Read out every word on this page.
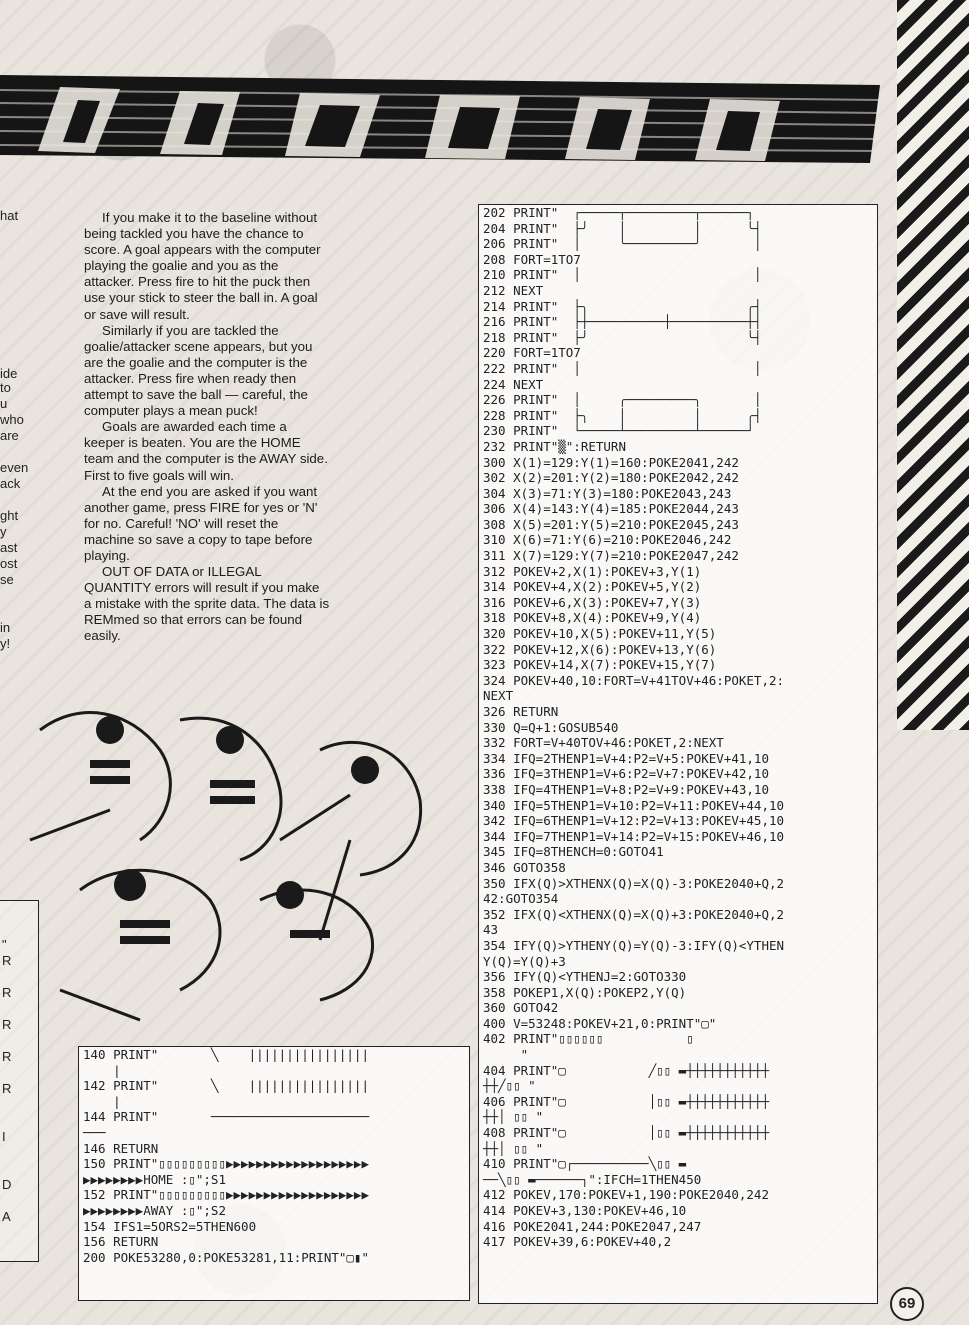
hat
ide
to
u
who
are
even
ack
ght
y
ast
ost
se
in
y!
"
R
R
R
R
R
I
D
A

If you make it to the baseline without being tackled you have the chance to score. A goal appears with the computer playing the goalie and you as the attacker. Press fire to hit the puck then use your stick to steer the ball in. A goal or save will result.

Similarly if you are tackled the goalie/attacker scene appears, but you are the goalie and the computer is the attacker. Press fire when ready then attempt to save the ball — careful, the computer plays a mean puck!

Goals are awarded each time a keeper is beaten. You are the HOME team and the computer is the AWAY side. First to five goals will win.

At the end you are asked if you want another game, press FIRE for yes or 'N' for no. Careful! 'NO' will reset the machine so save a copy to tape before playing.

OUT OF DATA or ILLEGAL QUANTITY errors will result if you make a mistake with the sprite data. The data is REMmed so that errors can be found easily.

202 PRINT"  ┌─────┬─────────┬──────┐
204 PRINT"  ├╯    │         │      ╰┤
206 PRINT"  │     ╰─────────╯       │
208 FORT=1TO7
210 PRINT"  │                       │
212 NEXT
214 PRINT"  ├╮                     ╭┤
216 PRINT"  ├┼──────────┼──────────┼┤
218 PRINT"  ├╯                     ╰┤
220 FORT=1TO7
222 PRINT"  │                       │
224 NEXT
226 PRINT"  │     ╭─────────╮       │
228 PRINT"  ├╮    │         │      ╭┤
230 PRINT"  └─────┴─────────┴──────┘
232 PRINT"▒":RETURN
300 X(1)=129:Y(1)=160:POKE2041,242
302 X(2)=201:Y(2)=180:POKE2042,242
304 X(3)=71:Y(3)=180:POKE2043,243
306 X(4)=143:Y(4)=185:POKE2044,243
308 X(5)=201:Y(5)=210:POKE2045,243
310 X(6)=71:Y(6)=210:POKE2046,242
311 X(7)=129:Y(7)=210:POKE2047,242
312 POKEV+2,X(1):POKEV+3,Y(1)
314 POKEV+4,X(2):POKEV+5,Y(2)
316 POKEV+6,X(3):POKEV+7,Y(3)
318 POKEV+8,X(4):POKEV+9,Y(4)
320 POKEV+10,X(5):POKEV+11,Y(5)
322 POKEV+12,X(6):POKEV+13,Y(6)
323 POKEV+14,X(7):POKEV+15,Y(7)
324 POKEV+40,10:FORT=V+41TOV+46:POKET,2:
NEXT
326 RETURN
330 Q=Q+1:GOSUB540
332 FORT=V+40TOV+46:POKET,2:NEXT
334 IFQ=2THENP1=V+4:P2=V+5:POKEV+41,10
336 IFQ=3THENP1=V+6:P2=V+7:POKEV+42,10
338 IFQ=4THENP1=V+8:P2=V+9:POKEV+43,10
340 IFQ=5THENP1=V+10:P2=V+11:POKEV+44,10
342 IFQ=6THENP1=V+12:P2=V+13:POKEV+45,10
344 IFQ=7THENP1=V+14:P2=V+15:POKEV+46,10
345 IFQ=8THENCH=0:GOTO41
346 GOTO358
350 IFX(Q)>XTHENX(Q)=X(Q)-3:POKE2040+Q,2
42:GOTO354
352 IFX(Q)<XTHENX(Q)=X(Q)+3:POKE2040+Q,2
43
354 IFY(Q)>YTHENY(Q)=Y(Q)-3:IFY(Q)<YTHEN
Y(Q)=Y(Q)+3
356 IFY(Q)<YTHENJ=2:GOTO330
358 POKEP1,X(Q):POKEP2,Y(Q)
360 GOTO42
400 V=53248:POKEV+21,0:PRINT"▢"
402 PRINT"▯▯▯▯▯▯           ▯
"
404 PRINT"▢           ╱▯▯ ▬┼┼┼┼┼┼┼┼┼┼┼
┼┼╱▯▯ "
406 PRINT"▢           │▯▯ ▬┼┼┼┼┼┼┼┼┼┼┼
┼┼│ ▯▯ "
408 PRINT"▢           │▯▯ ▬┼┼┼┼┼┼┼┼┼┼┼
┼┼│ ▯▯ "
410 PRINT"▢┌──────────╲▯▯ ▬
──╲▯▯ ▬──────┐":IFCH=1THEN450
412 POKEV,170:POKEV+1,190:POKE2040,242
414 POKEV+3,130:POKEV+46,10
416 POKE2041,244:POKE2047,247
417 POKEV+39,6:POKEV+40,2
140 PRINT"       ╲    ||||||||||||||||
|
142 PRINT"       ╲    ||||||||||||||||
|
144 PRINT"       ─────────────────────
───
146 RETURN
150 PRINT"▯▯▯▯▯▯▯▯▯▶▶▶▶▶▶▶▶▶▶▶▶▶▶▶▶▶▶▶
▶▶▶▶▶▶▶▶HOME :▯";S1
152 PRINT"▯▯▯▯▯▯▯▯▯▶▶▶▶▶▶▶▶▶▶▶▶▶▶▶▶▶▶▶
▶▶▶▶▶▶▶▶AWAY :▯";S2
154 IFS1=5ORS2=5THEN600
156 RETURN
200 POKE53280,0:POKE53281,11:PRINT"▢▮"
69
